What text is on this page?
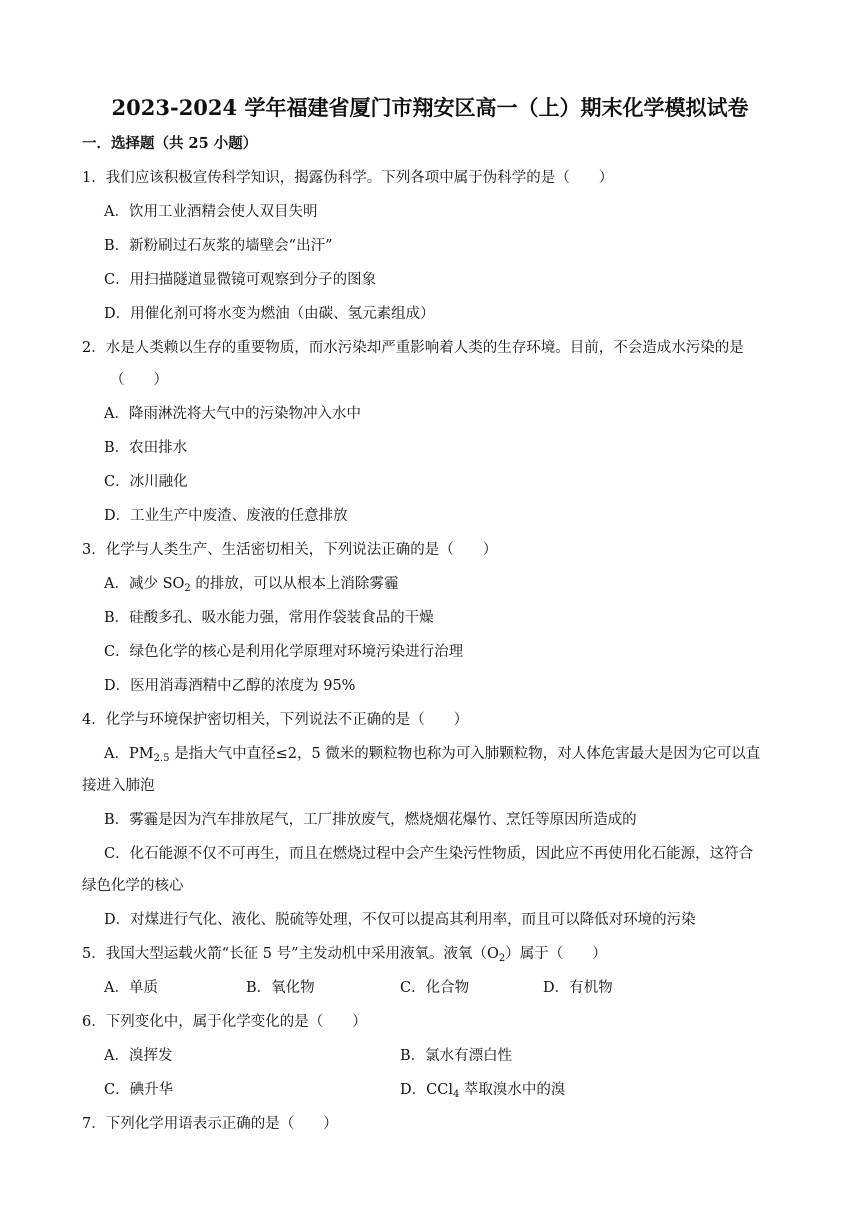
2023-2024 学年福建省厦门市翔安区高一（上）期末化学模拟试卷
一．选择题（共 25 小题）
1．我们应该积极宣传科学知识，揭露伪科学。下列各项中属于伪科学的是（　　）
A．饮用工业酒精会使人双目失明
B．新粉刷过石灰浆的墙壁会“出汗”
C．用扫描隧道显微镜可观察到分子的图象
D．用催化剂可将水变为燃油（由碳、氢元素组成）
2．水是人类赖以生存的重要物质，而水污染却严重影响着人类的生存环境。目前，不会造成水污染的是
（　　）
A．降雨淋洗将大气中的污染物冲入水中
B．农田排水
C．冰川融化
D．工业生产中废渣、废液的任意排放
3．化学与人类生产、生活密切相关，下列说法正确的是（　　）
A．减少 $SO_2$ 的排放，可以从根本上消除雾霾
B．硅酸多孔、吸水能力强，常用作袋装食品的干燥
C．绿色化学的核心是利用化学原理对环境污染进行治理
D．医用消毒酒精中乙醇的浓度为 95%
4．化学与环境保护密切相关，下列说法不正确的是（　　）
A．$PM_{2.5}$ 是指大气中直径≤2，5 微米的颗粒物也称为可入肺颗粒物，对人体危害最大是因为它可以直
接进入肺泡
B．雾霾是因为汽车排放尾气，工厂排放废气，燃烧烟花爆竹、烹饪等原因所造成的
C．化石能源不仅不可再生，而且在燃烧过程中会产生染污性物质，因此应不再使用化石能源，这符合
绿色化学的核心
D．对煤进行气化、液化、脱硫等处理，不仅可以提高其利用率，而且可以降低对环境的污染
5．我国大型运载火箭“长征 5 号”主发动机中采用液氧。液氧$(O_2)$属于（　　）
A．单质	B．氧化物	C．化合物	D．有机物
6．下列变化中，属于化学变化的是（　　）
A．溴挥发	B．氯水有漂白性
C．碘升华	D．CCl$_4$ 萃取溴水中的溴
7．下列化学用语表示正确的是（　　）
